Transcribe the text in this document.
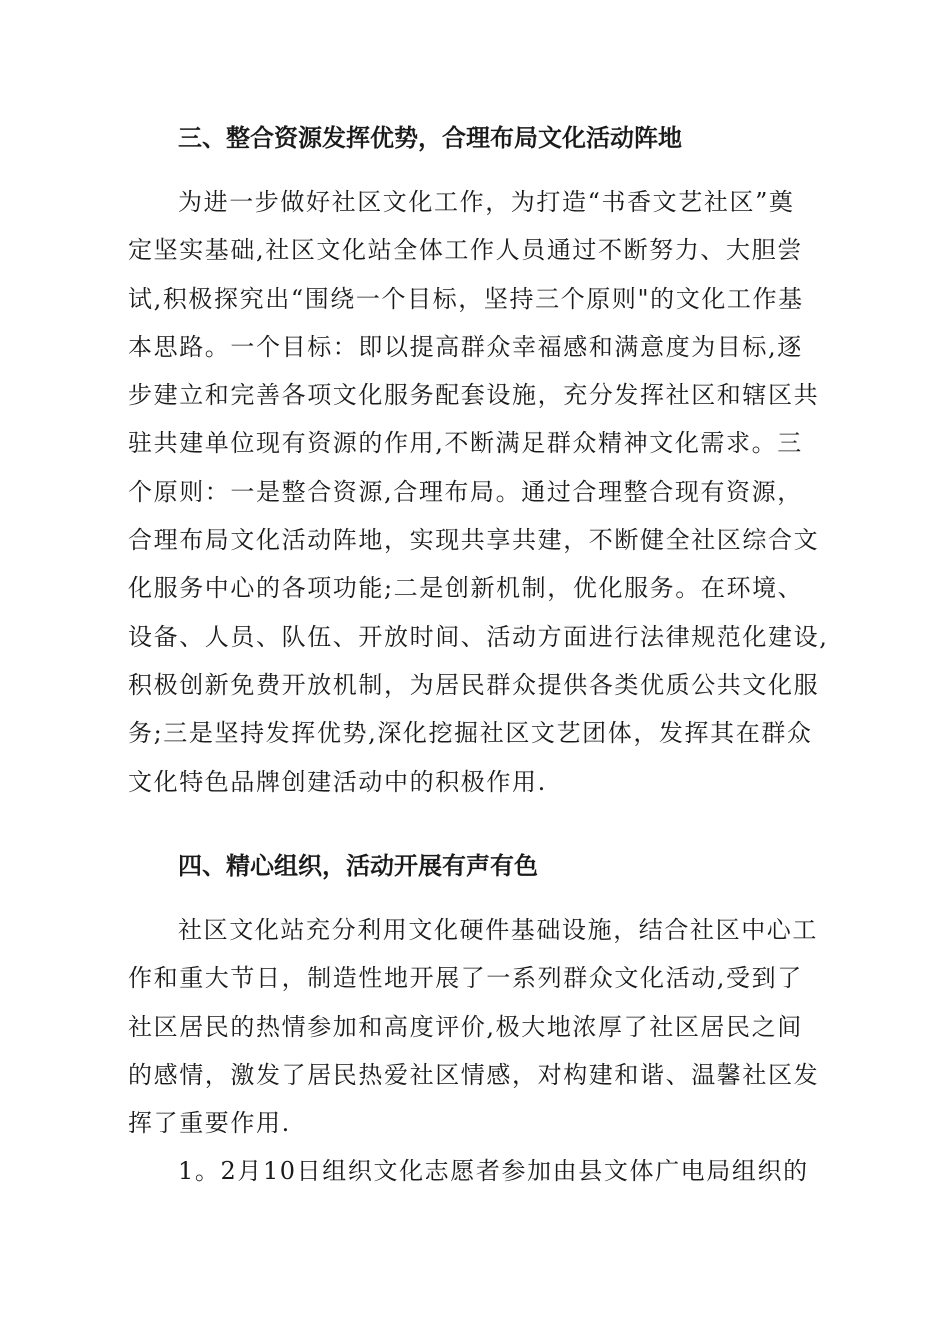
三、整合资源发挥优势，合理布局文化活动阵地
为进一步做好社区文化工作，为打造“书香文艺社区”奠
定坚实基础,社区文化站全体工作人员通过不断努力、大胆尝
试,积极探究出“围绕一个目标，坚持三个原则"的文化工作基
本思路。一个目标：即以提高群众幸福感和满意度为目标,逐
步建立和完善各项文化服务配套设施，充分发挥社区和辖区共
驻共建单位现有资源的作用,不断满足群众精神文化需求。三
个原则：一是整合资源,合理布局。通过合理整合现有资源，
合理布局文化活动阵地，实现共享共建，不断健全社区综合文
化服务中心的各项功能;二是创新机制，优化服务。在环境、
设备、人员、队伍、开放时间、活动方面进行法律规范化建设,
积极创新免费开放机制，为居民群众提供各类优质公共文化服
务;三是坚持发挥优势,深化挖掘社区文艺团体，发挥其在群众
文化特色品牌创建活动中的积极作用.
四、精心组织，活动开展有声有色
社区文化站充分利用文化硬件基础设施，结合社区中心工
作和重大节日，制造性地开展了一系列群众文化活动,受到了
社区居民的热情参加和高度评价,极大地浓厚了社区居民之间
的感情，激发了居民热爱社区情感，对构建和谐、温馨社区发
挥了重要作用.
1。2月10日组织文化志愿者参加由县文体广电局组织的
